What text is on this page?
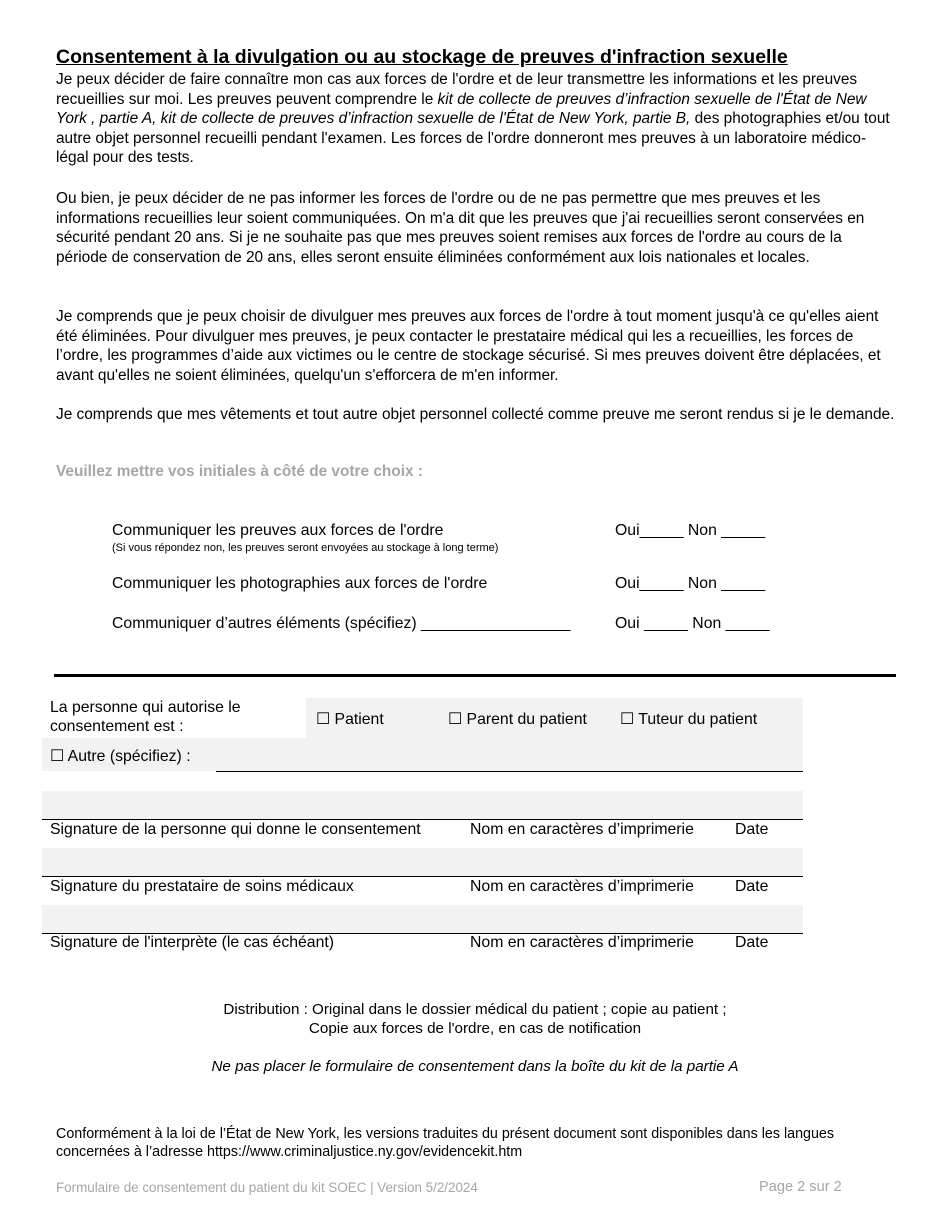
Consentement à la divulgation ou au stockage de preuves d'infraction sexuelle

Je peux décider de faire connaître mon cas aux forces de l'ordre et de leur transmettre les informations et les preuves recueillies sur moi. Les preuves peuvent comprendre le kit de collecte de preuves d’infraction sexuelle de l'État de New York , partie A, kit de collecte de preuves d’infraction sexuelle de l'État de New York, partie B, des photographies et/ou tout autre objet personnel recueilli pendant l'examen. Les forces de l'ordre donneront mes preuves à un laboratoire médico-légal pour des tests.

Ou bien, je peux décider de ne pas informer les forces de l'ordre ou de ne pas permettre que mes preuves et les informations recueillies leur soient communiquées. On m'a dit que les preuves que j'ai recueillies seront conservées en sécurité pendant 20 ans. Si je ne souhaite pas que mes preuves soient remises aux forces de l'ordre au cours de la période de conservation de 20 ans, elles seront ensuite éliminées conformément aux lois nationales et locales.

Je comprends que je peux choisir de divulguer mes preuves aux forces de l'ordre à tout moment jusqu'à ce qu'elles aient été éliminées. Pour divulguer mes preuves, je peux contacter le prestataire médical qui les a recueillies, les forces de l’ordre, les programmes d’aide aux victimes ou le centre de stockage sécurisé. Si mes preuves doivent être déplacées, et avant qu'elles ne soient éliminées, quelqu'un s'efforcera de m'en informer.

Je comprends que mes vêtements et tout autre objet personnel collecté comme preuve me seront rendus si je le demande.

Veuillez mettre vos initiales à côté de votre choix :
Communiquer les preuves aux forces de l'ordre
(Si vous répondez non, les preuves seront envoyées au stockage à long terme)
Oui_____ Non _____
Communiquer les photographies aux forces de l'ordre	Oui_____ Non _____
Communiquer d’autres éléments (spécifiez) _________________	Oui _____ Non _____
La personne qui autorise le
consentement est :	☐ Patient	☐ Parent du patient ☐ Tuteur du patient
☐ Autre (spécifiez) :
Signature de la personne qui donne le consentement	Nom en caractères d’imprimerie	Date
Signature du prestataire de soins médicaux	Nom en caractères d’imprimerie	Date
Signature de l'interprète (le cas échéant)	Nom en caractères d’imprimerie	Date
Distribution : Original dans le dossier médical du patient ; copie au patient ;
Copie aux forces de l'ordre, en cas de notification
Ne pas placer le formulaire de consentement dans la boîte du kit de la partie A
Conformément à la loi de l’État de New York, les versions traduites du présent document sont disponibles dans les langues concernées à l’adresse https://www.criminaljustice.ny.gov/evidencekit.htm
Formulaire de consentement du patient du kit SOEC | Version 5/2/2024	Page 2 sur 2
